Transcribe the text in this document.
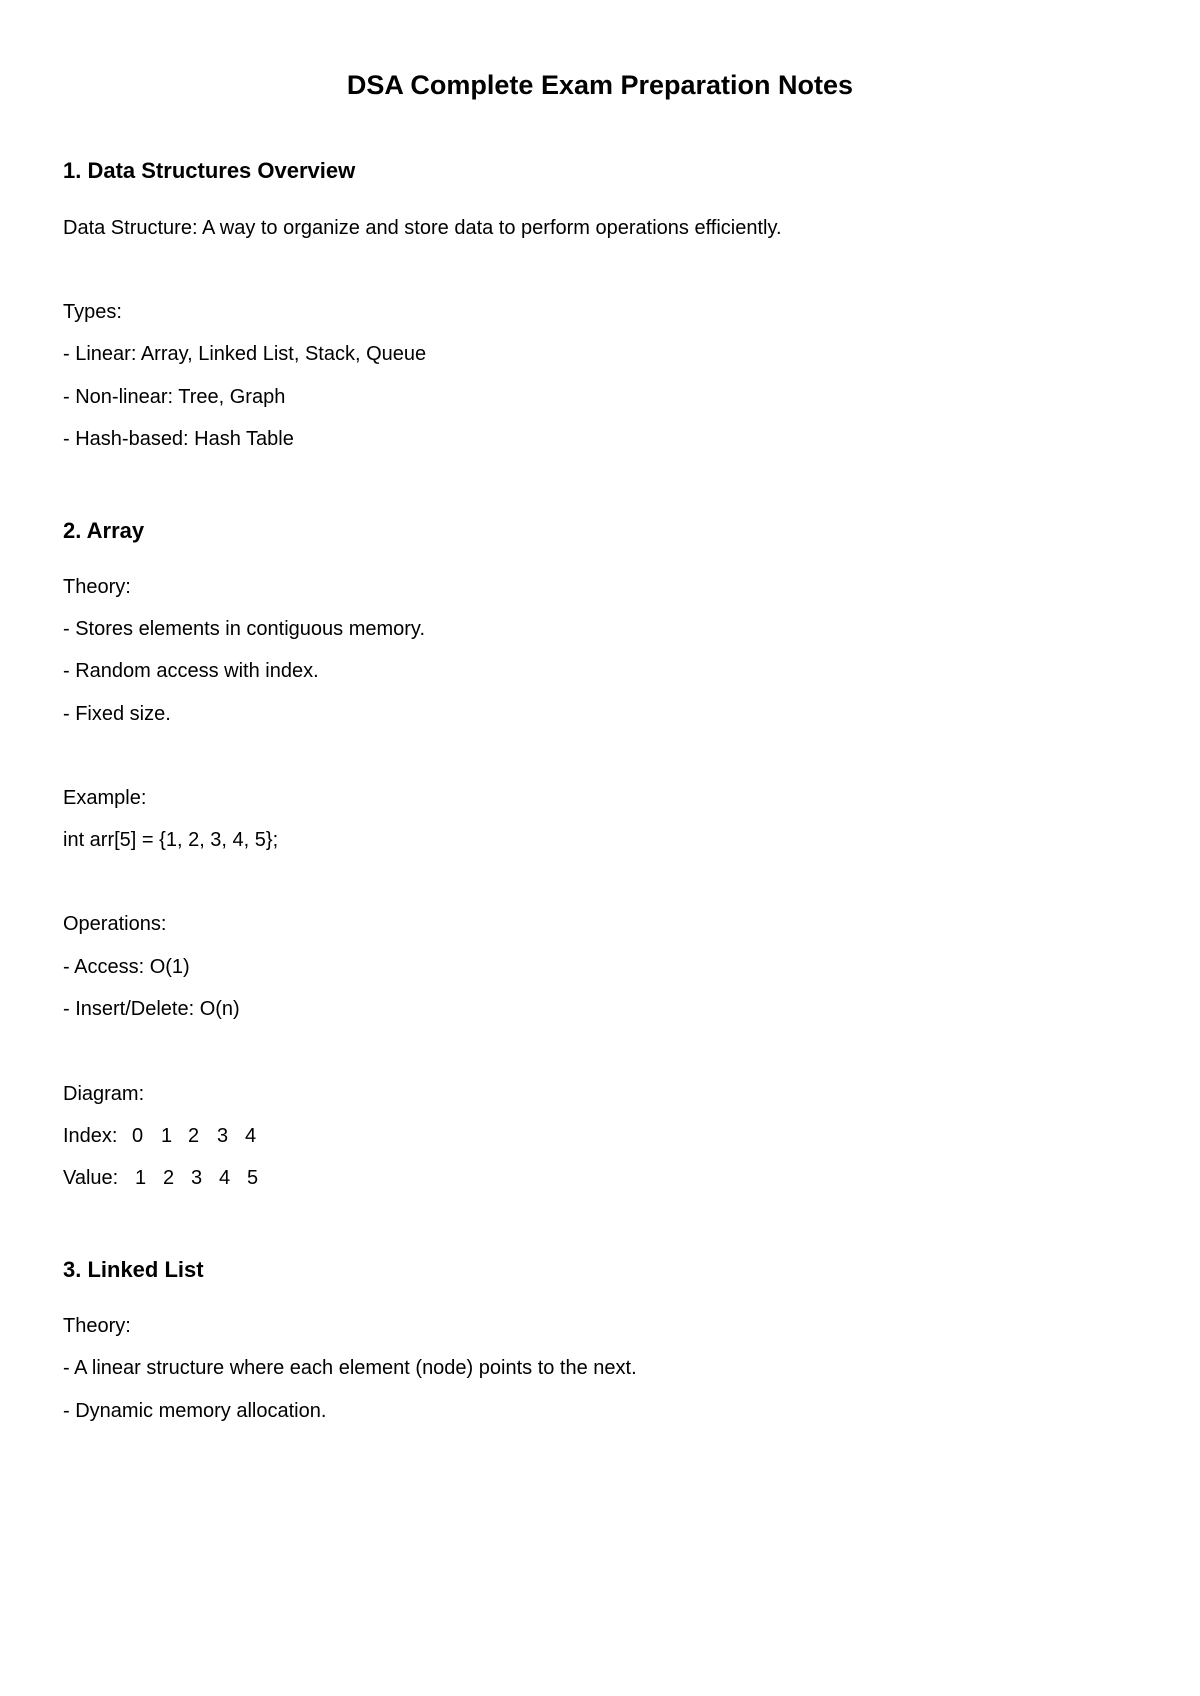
DSA Complete Exam Preparation Notes
1. Data Structures Overview
Data Structure: A way to organize and store data to perform operations efficiently.
Types:
- Linear: Array, Linked List, Stack, Queue
- Non-linear: Tree, Graph
- Hash-based: Hash Table
2. Array
Theory:
- Stores elements in contiguous memory.
- Random access with index.
- Fixed size.
Example:
int arr[5] = {1, 2, 3, 4, 5};
Operations:
- Access: O(1)
- Insert/Delete: O(n)
Diagram:
Index: 0 1 2 3 4
Value: 1 2 3 4 5
3. Linked List
Theory:
- A linear structure where each element (node) points to the next.
- Dynamic memory allocation.
